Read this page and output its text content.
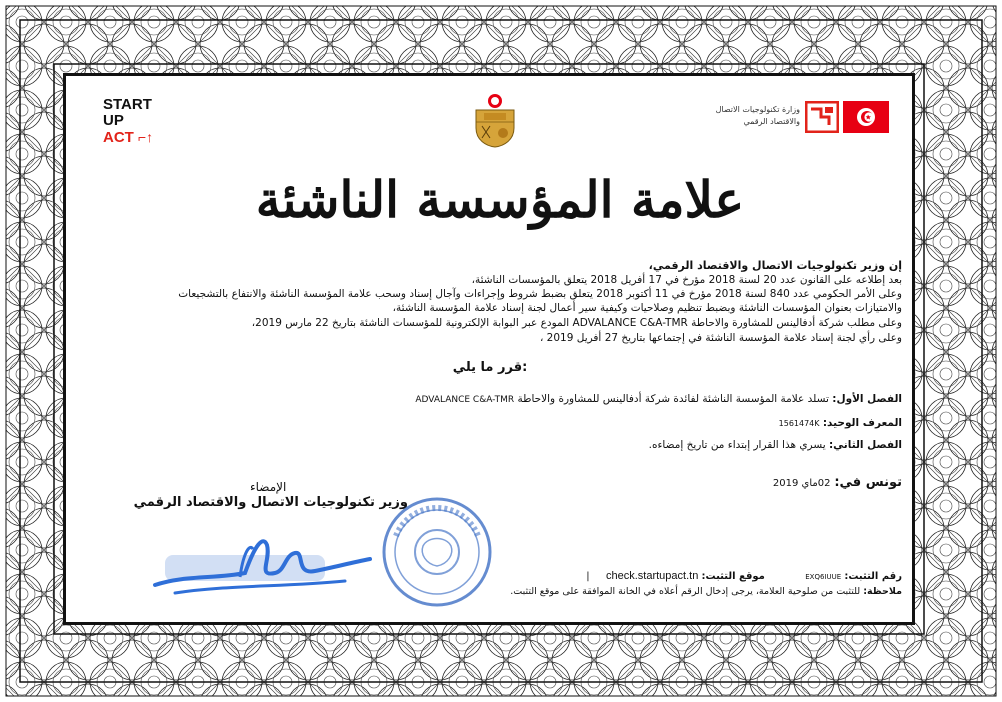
START
UP
ACT ⌐↑
وزارة تكنولوجيات الاتصال
والاقتصاد الرقمي
علامة المؤسسة الناشئة
إن وزير تكنولوجيات الاتصال والاقتصاد الرقمي،
بعد إطلاعه على القانون عدد 20 لسنة 2018 مؤرخ في 17 أفريل 2018 يتعلق بالمؤسسات الناشئة،
وعلى الأمر الحكومي عدد 840 لسنة 2018 مؤرخ في 11 أكتوبر 2018 يتعلق بضبط شروط وإجراءات وآجال إسناد وسحب علامة المؤسسة الناشئة والانتفاع بالتشجيعات
والامتيازات بعنوان المؤسسات الناشئة وبضبط تنظيم وصلاحيات وكيفية سير أعمال لجنة إسناد علامة المؤسسة الناشئة،
وعلى مطلب شركة أدفالينس للمشاورة والاحاطة ADVALANCE C&A-TMR المودع عبر البوابة الإلكترونية للمؤسسات الناشئة بتاريخ 22 مارس 2019،
وعلى رأي لجنة إسناد علامة المؤسسة الناشئة في إجتماعها بتاريخ 27 أفريل 2019 ،
قرر ما يلي:
الفصل الأول: تسلد علامة المؤسسة الناشئة لفائدة شركة أدفالينس للمشاورة والاحاطة ADVALANCE C&A-TMR
المعرف الوحيد: 1561474K
الفصل الثاني: يسري هذا القرار إبتداء من تاريخ إمضاءه.
تونس في: 02ماي 2019
الإمضاء
وزير تكنولوجيات الاتصال والاقتصاد الرقمي
رقم التثبت: EXQ6IUUE  موقع التثبت: check.startupact.tn  |
ملاحظة: للتثبت من صلوحية العلامة، يرجى إدخال الرقم أعلاه في الخانة الموافقة على موقع التثبت.
